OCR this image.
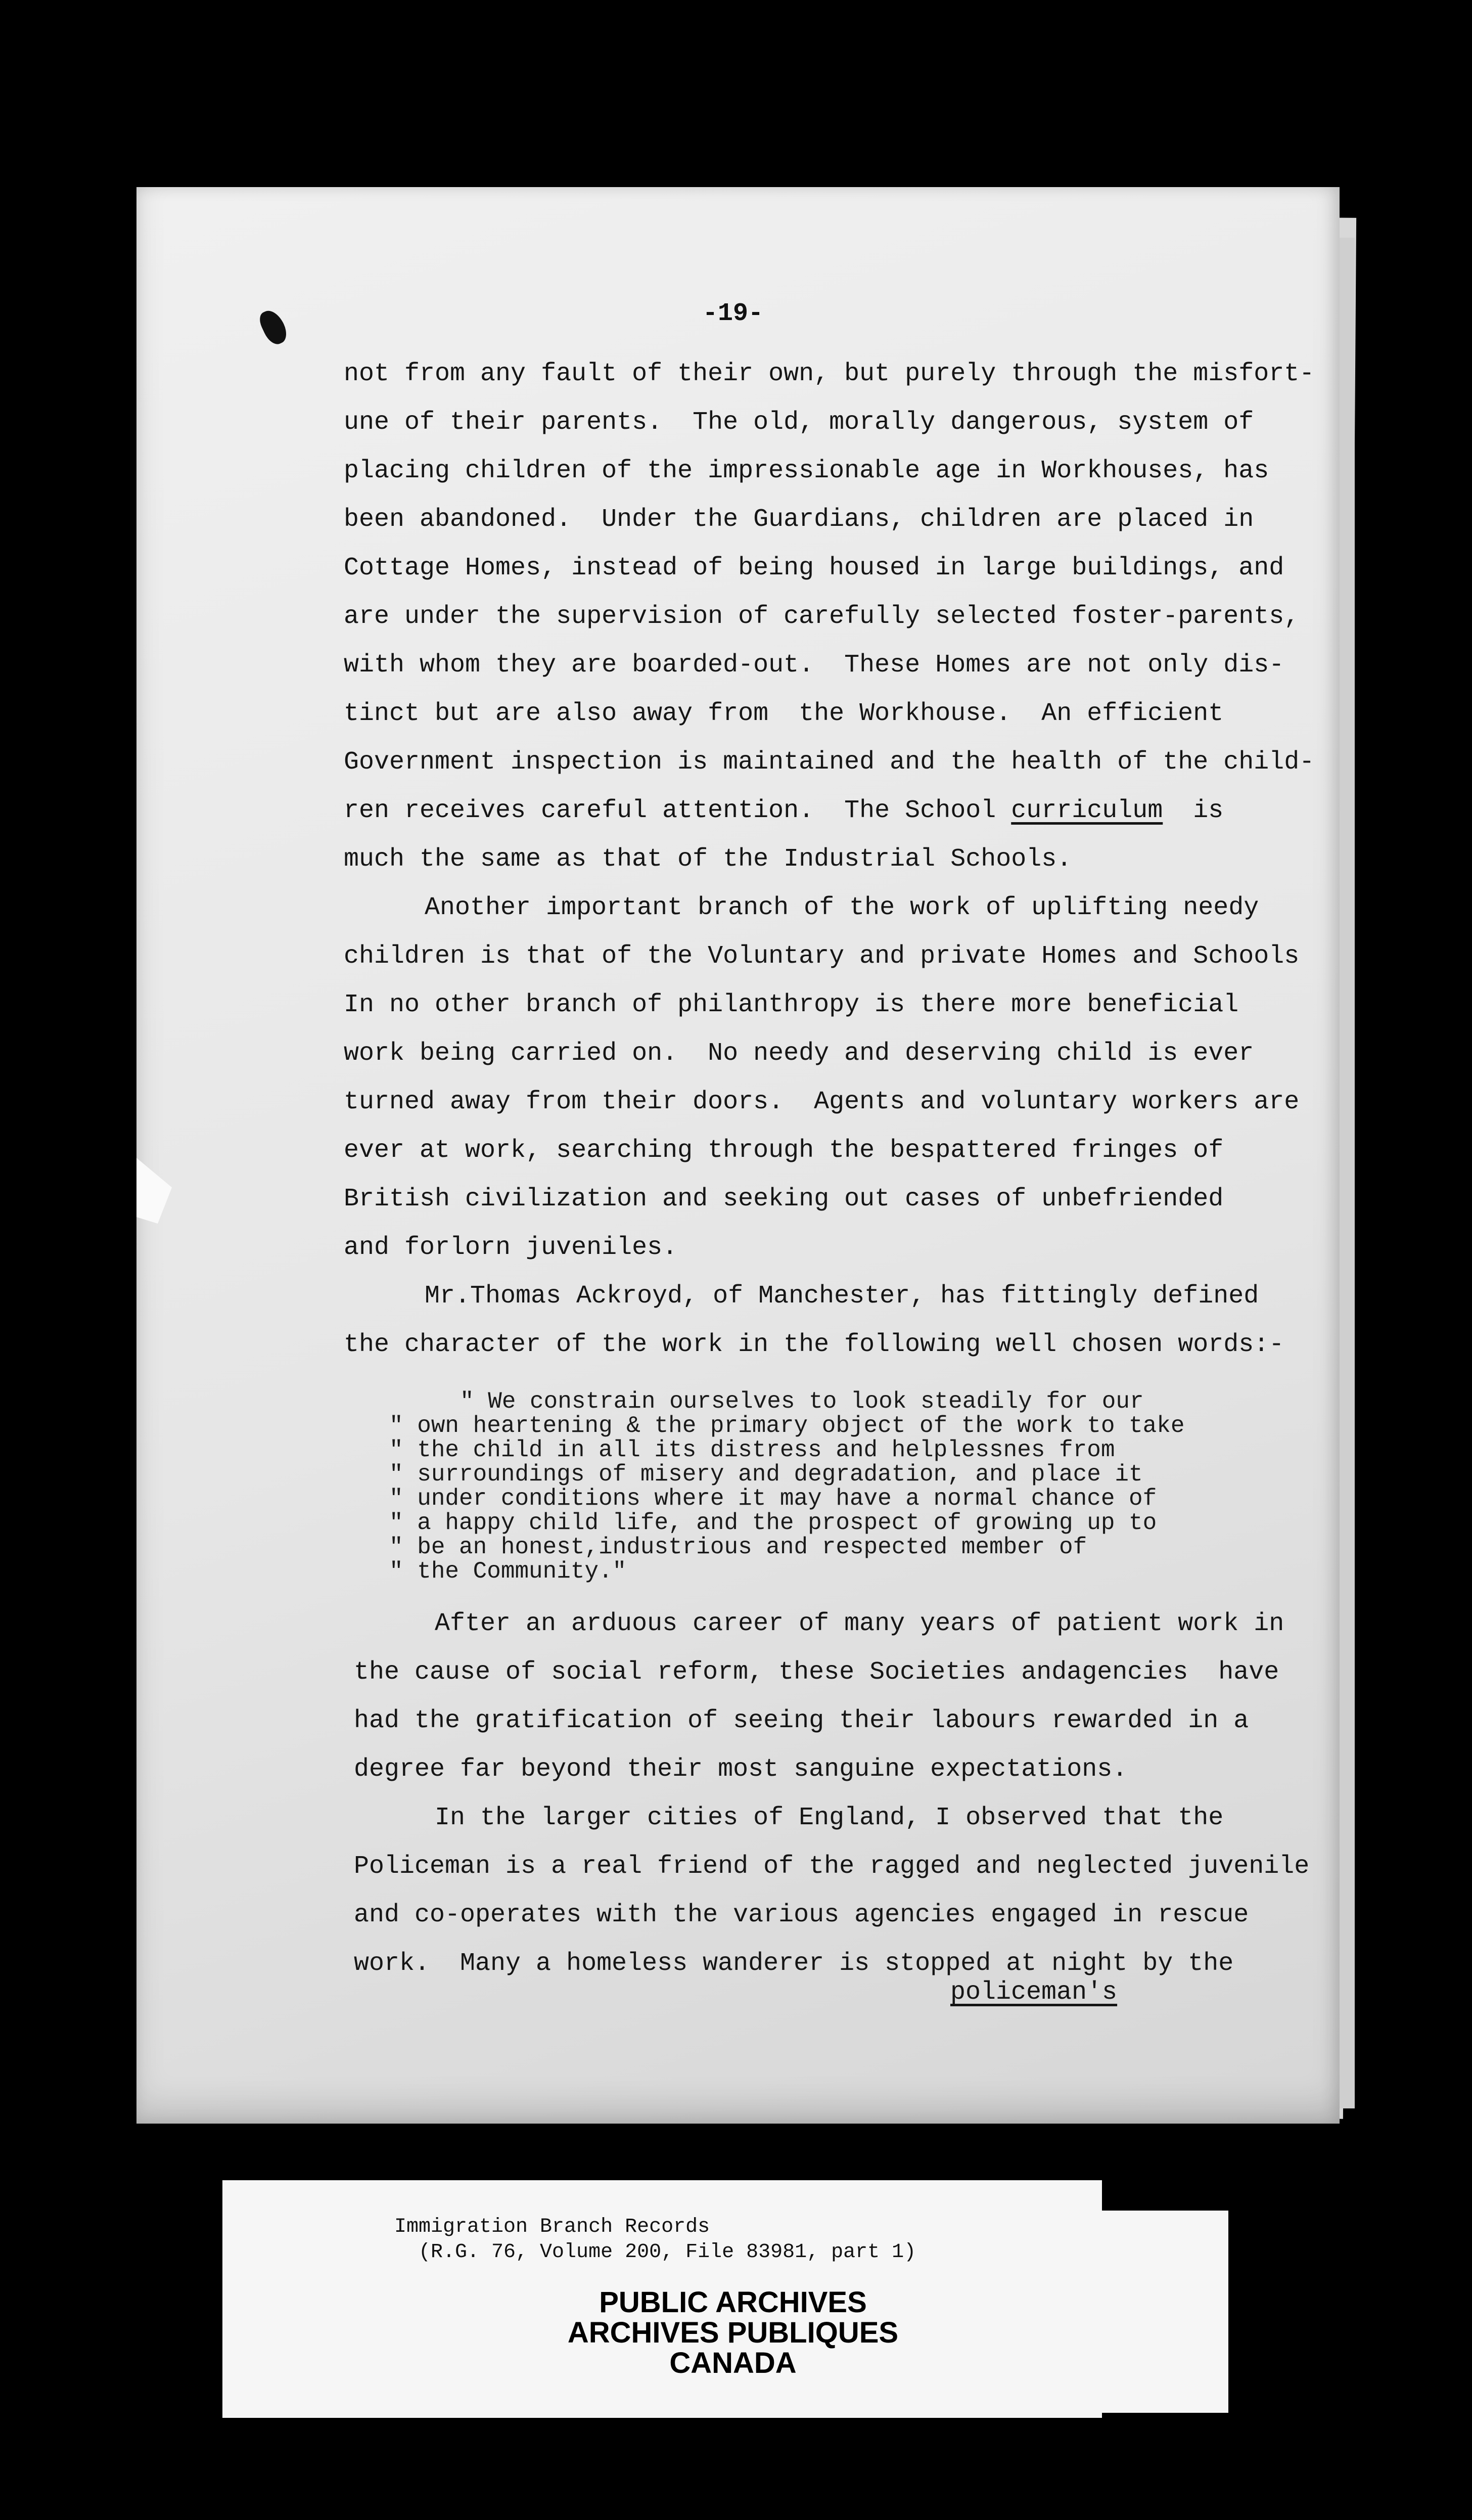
-19-
not from any fault of their own, but purely through the misfort-
une of their parents.  The old, morally dangerous, system of
placing children of the impressionable age in Workhouses, has
been abandoned.  Under the Guardians, children are placed in
Cottage Homes, instead of being housed in large buildings, and
are under the supervision of carefully selected foster-parents,
with whom they are boarded-out.  These Homes are not only dis-
tinct but are also away from  the Workhouse.  An efficient
Government inspection is maintained and the health of the child-
ren receives careful attention.  The School curriculum  is
much the same as that of the Industrial Schools.
Another important branch of the work of uplifting needy
children is that of the Voluntary and private Homes and Schools
In no other branch of philanthropy is there more beneficial
work being carried on.  No needy and deserving child is ever
turned away from their doors.  Agents and voluntary workers are
ever at work, searching through the bespattered fringes of
British civilization and seeking out cases of unbefriended
and forlorn juveniles.
Mr.Thomas Ackroyd, of Manchester, has fittingly defined
the character of the work in the following well chosen words:-
" We constrain ourselves to look steadily for our
" own heartening & the primary object of the work to take
" the child in all its distress and helplessnes from
" surroundings of misery and degradation, and place it
" under conditions where it may have a normal chance of
" a happy child life, and the prospect of growing up to
" be an honest,industrious and respected member of
" the Community."
After an arduous career of many years of patient work in
the cause of social reform, these Societies andagencies  have
had the gratification of seeing their labours rewarded in a
degree far beyond their most sanguine expectations.
In the larger cities of England, I observed that the
Policeman is a real friend of the ragged and neglected juvenile
and co-operates with the various agencies engaged in rescue
work.  Many a homeless wanderer is stopped at night by the
policeman's
Immigration Branch Records
(R.G. 76, Volume 200, File 83981, part 1)
PUBLIC ARCHIVES
ARCHIVES PUBLIQUES
CANADA
